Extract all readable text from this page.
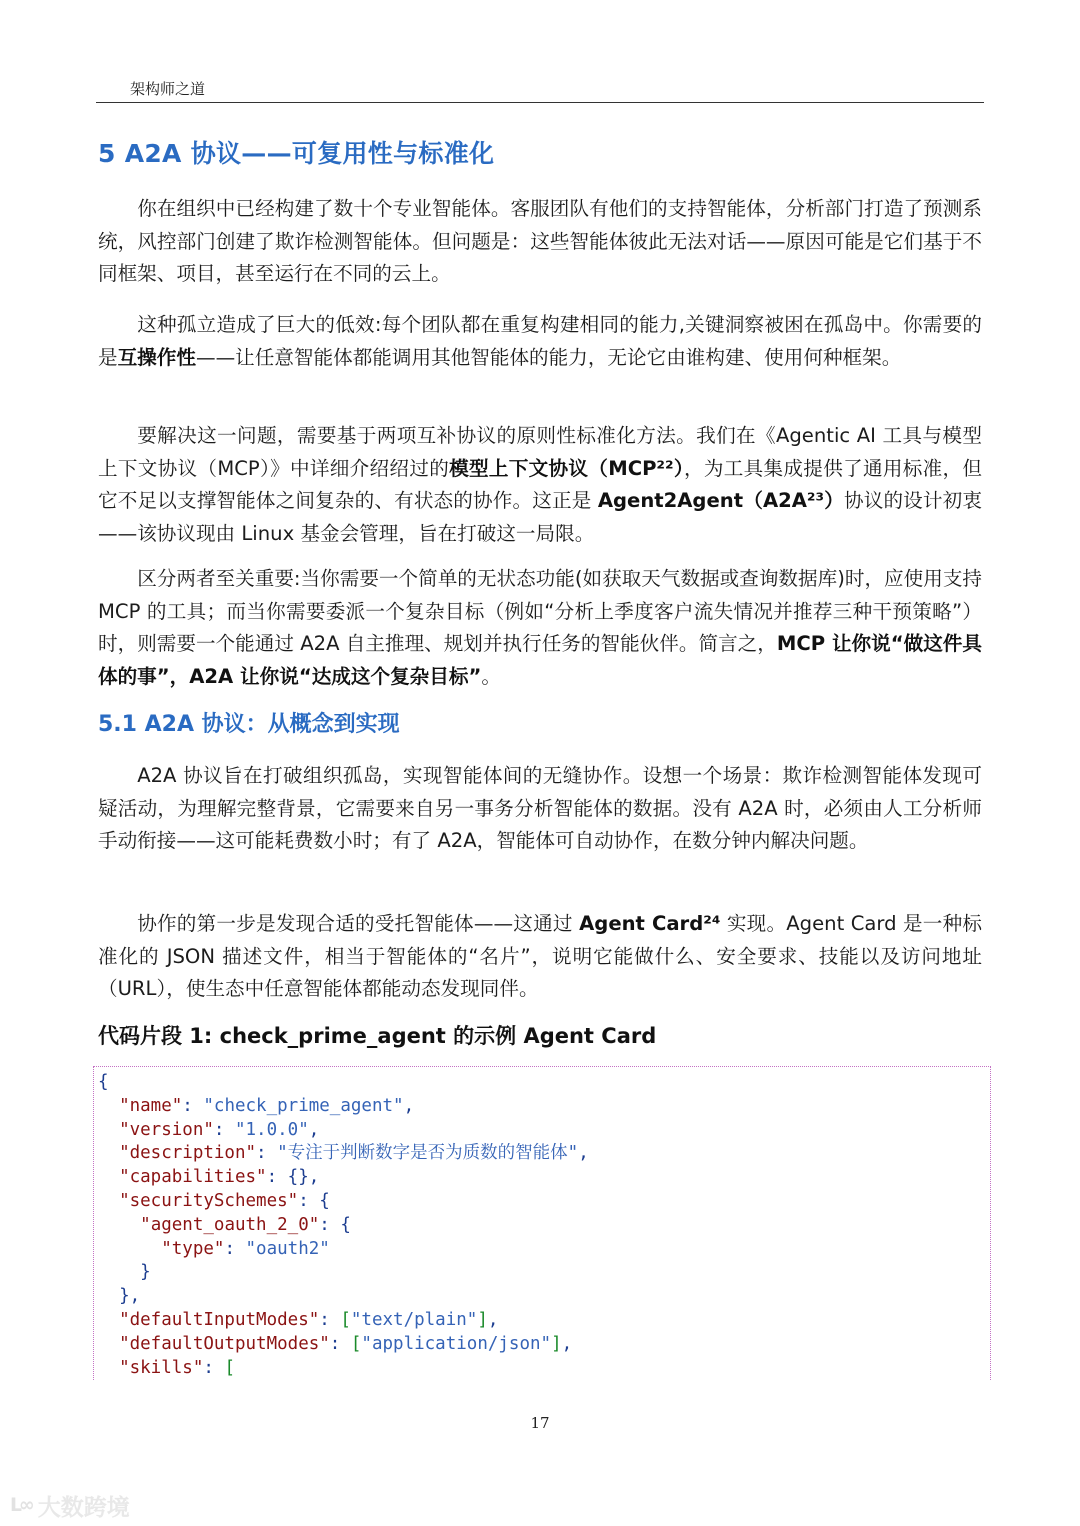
架构师之道
5 A2A 协议——可复用性与标准化

你在组织中已经构建了数十个专业智能体。客服团队有他们的支持智能体，分析部门打造了预测系统，风控部门创建了欺诈检测智能体。但问题是：这些智能体彼此无法对话——原因可能是它们基于不同框架、项目，甚至运行在不同的云上。

这种孤立造成了巨大的低效:每个团队都在重复构建相同的能力,关键洞察被困在孤岛中。你需要的是互操作性——让任意智能体都能调用其他智能体的能力，无论它由谁构建、使用何种框架。

要解决这一问题，需要基于两项互补协议的原则性标准化方法。我们在《Agentic AI 工具与模型上下文协议（MCP）》中详细介绍绍过的模型上下文协议（MCP²²），为工具集成提供了通用标准，但它不足以支撑智能体之间复杂的、有状态的协作。这正是 Agent2Agent（A2A²³）协议的设计初衷——该协议现由 Linux 基金会管理，旨在打破这一局限。

区分两者至关重要:当你需要一个简单的无状态功能(如获取天气数据或查询数据库)时，应使用支持 MCP 的工具；而当你需要委派一个复杂目标（例如“分析上季度客户流失情况并推荐三种干预策略”）时，则需要一个能通过 A2A 自主推理、规划并执行任务的智能伙伴。简言之，MCP 让你说“做这件具体的事”，A2A 让你说“达成这个复杂目标”。

5.1 A2A 协议：从概念到实现

A2A 协议旨在打破组织孤岛，实现智能体间的无缝协作。设想一个场景：欺诈检测智能体发现可疑活动，为理解完整背景，它需要来自另一事务分析智能体的数据。没有 A2A 时，必须由人工分析师手动衔接——这可能耗费数小时；有了 A2A，智能体可自动协作，在数分钟内解决问题。

协作的第一步是发现合适的受托智能体——这通过 Agent Card²⁴ 实现。Agent Card 是一种标准化的 JSON 描述文件，相当于智能体的“名片”，说明它能做什么、安全要求、技能以及访问地址（URL），使生态中任意智能体都能动态发现同伴。

代码片段 1: check_prime_agent 的示例 Agent Card
{
"name": "check_prime_agent",
"version": "1.0.0",
"description": "专注于判断数字是否为质数的智能体",
"capabilities": {},
"securitySchemes": {
"agent_oauth_2_0": {
"type": "oauth2"
}
},
"defaultInputModes": ["text/plain"],
"defaultOutputModes": ["application/json"],
"skills": [
17
ᒪ∞ 大数跨境
